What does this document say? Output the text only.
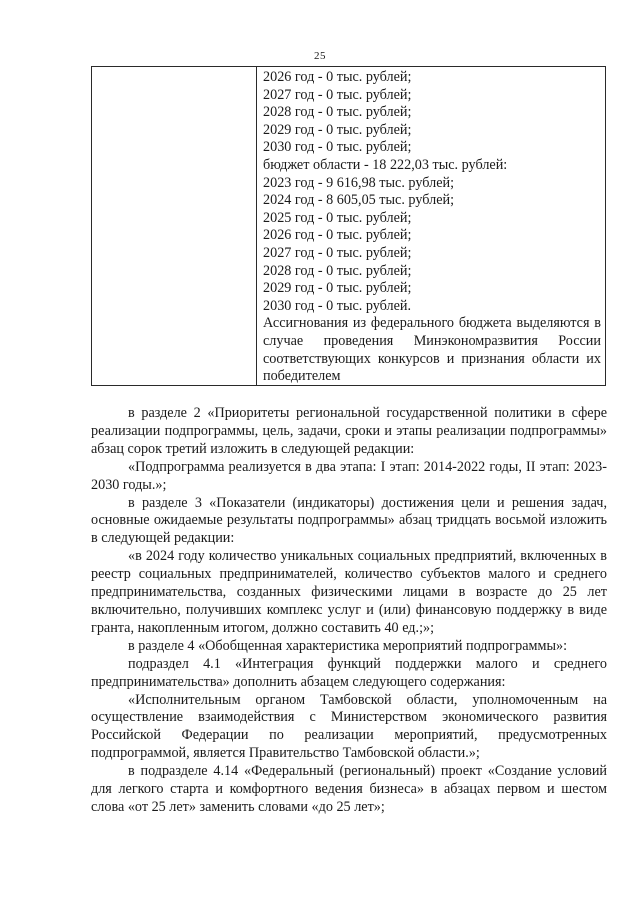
25
2026 год - 0 тыс. рублей;
2027 год - 0 тыс. рублей;
2028 год - 0 тыс. рублей;
2029 год - 0 тыс. рублей;
2030 год - 0 тыс. рублей;
бюджет области - 18 222,03 тыс. рублей:
2023 год - 9 616,98 тыс. рублей;
2024 год - 8 605,05 тыс. рублей;
2025 год - 0 тыс. рублей;
2026 год - 0 тыс. рублей;
2027 год - 0 тыс. рублей;
2028 год - 0 тыс. рублей;
2029 год - 0 тыс. рублей;
2030 год - 0 тыс. рублей.
Ассигнования из федерального бюджета выделяются в случае проведения Минэкономразвития России соответствующих конкурсов и признания области их победителем

в разделе 2 «Приоритеты региональной государственной политики в сфере реализации подпрограммы, цель, задачи, сроки и этапы реализации подпрограммы» абзац сорок третий изложить в следующей редакции:

«Подпрограмма реализуется в два этапа: I этап: 2014-2022 годы, II этап: 2023-2030 годы.»;

в разделе 3 «Показатели (индикаторы) достижения цели и решения задач, основные ожидаемые результаты подпрограммы» абзац тридцать восьмой изложить в следующей редакции:

«в 2024 году количество уникальных социальных предприятий, включенных в реестр социальных предпринимателей, количество субъектов малого и среднего предпринимательства, созданных физическими лицами в возрасте до 25 лет включительно, получивших комплекс услуг и (или) финансовую поддержку в виде гранта, накопленным итогом, должно составить 40 ед.;»;

в разделе 4 «Обобщенная характеристика мероприятий подпрограммы»:

подраздел 4.1 «Интеграция функций поддержки малого и среднего предпринимательства» дополнить абзацем следующего содержания:

«Исполнительным органом Тамбовской области, уполномоченным на осуществление взаимодействия с Министерством экономического развития Российской Федерации по реализации мероприятий, предусмотренных подпрограммой, является Правительство Тамбовской области.»;

в подразделе 4.14 «Федеральный (региональный) проект «Создание условий для легкого старта и комфортного ведения бизнеса» в абзацах первом и шестом слова «от 25 лет» заменить словами «до 25 лет»;
